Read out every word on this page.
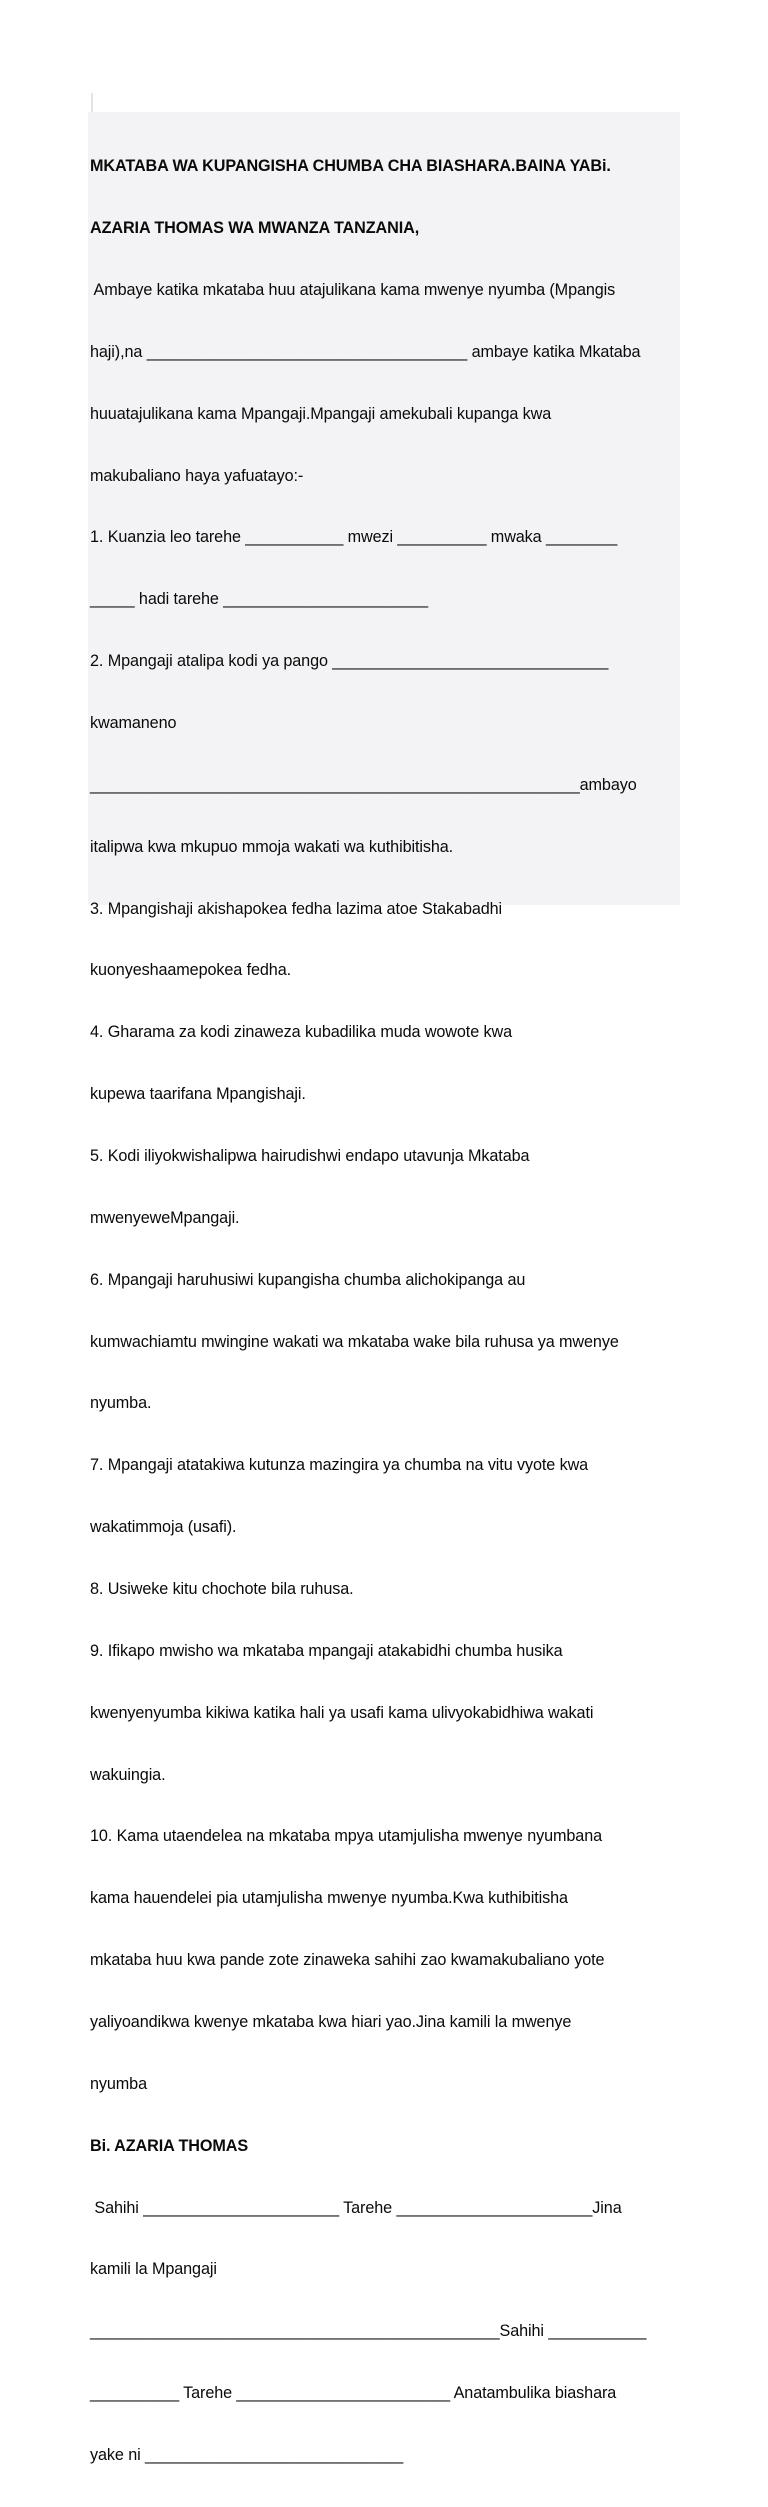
MKATABA WA KUPANGISHA CHUMBA CHA BIASHARA.BAINA YABi.

AZARIA THOMAS WA MWANZA TANZANIA,

Ambaye katika mkataba huu atajulikana kama mwenye nyumba (Mpangis

haji),na ____________________________________ ambaye katika Mkataba

huuatajulikana kama Mpangaji.Mpangaji amekubali kupanga kwa

makubaliano haya yafuatayo:-

1. Kuanzia leo tarehe ___________ mwezi __________ mwaka ________

_____ hadi tarehe _______________________

2. Mpangaji atalipa kodi ya pango _______________________________

kwamaneno

_______________________________________________________ambayo

italipwa kwa mkupuo mmoja wakati wa kuthibitisha.

3. Mpangishaji akishapokea fedha lazima atoe Stakabadhi

kuonyeshaamepokea fedha.

4. Gharama za kodi zinaweza kubadilika muda wowote kwa

kupewa taarifana Mpangishaji.

5. Kodi iliyokwishalipwa hairudishwi endapo utavunja Mkataba

mwenyeweMpangaji.

6. Mpangaji haruhusiwi kupangisha chumba alichokipanga au

kumwachiamtu mwingine wakati wa mkataba wake bila ruhusa ya mwenye

nyumba.

7. Mpangaji atatakiwa kutunza mazingira ya chumba na vitu vyote kwa

wakatimmoja (usafi).

8. Usiweke kitu chochote bila ruhusa.

9. Ifikapo mwisho wa mkataba mpangaji atakabidhi chumba husika

kwenyenyumba kikiwa katika hali ya usafi kama ulivyokabidhiwa wakati

wakuingia.

10. Kama utaendelea na mkataba mpya utamjulisha mwenye nyumbana

kama hauendelei pia utamjulisha mwenye nyumba.Kwa kuthibitisha

mkataba huu kwa pande zote zinaweka sahihi zao kwamakubaliano yote

yaliyoandikwa kwenye mkataba kwa hiari yao.Jina kamili la mwenye

nyumba

Bi. AZARIA THOMAS

Sahihi ______________________ Tarehe ______________________Jina

kamili la Mpangaji

______________________________________________Sahihi ___________

__________ Tarehe ________________________ Anatambulika biashara

yake ni _____________________________
